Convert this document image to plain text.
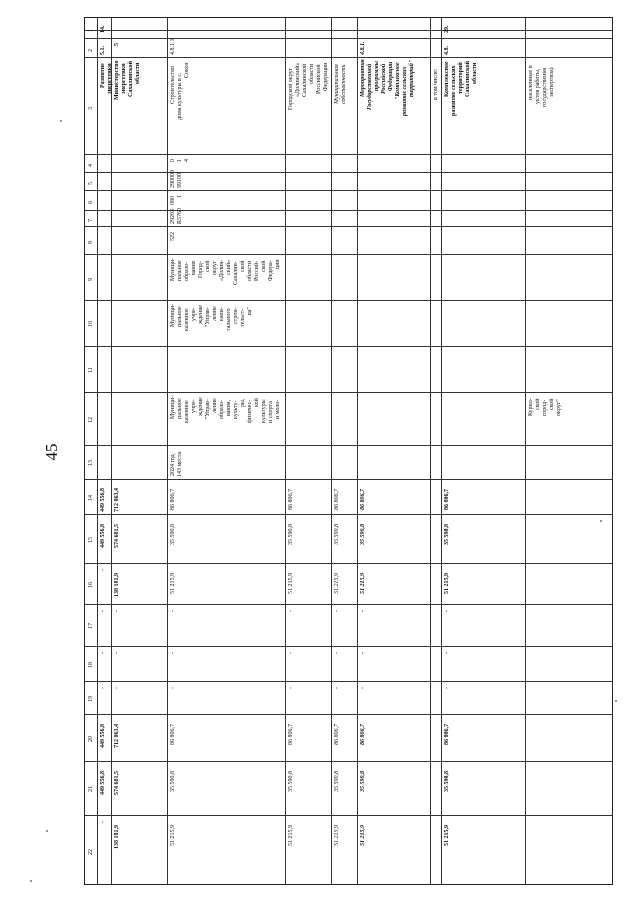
45
1
2
3
4
5
6
7
8
9
10
11
12
13
14
15
16
17
18
19
20
21
22
14.
5.1.
Развитие энергетики
449 556,8
449 556,8
-
-
-
-
449 556,8
449 556,8
-
5
Министерство энергетики Сахалинской области
712 863,4
574 681,5
138 181,9
-
-
-
712 863,4
574 681,5
138 181,9
4.8.1.1
Строительство дома культуры в с.
Сокол
0 1 4
290008 99100
080 1
29203 R5760
522
Муници- пальное образо- вание Город- ской округ «Долин- ский» Сахалин- ской области Россий- ской Федера- ции
Муници- пальное казенное учре- ждение "Управ- ление капи- тального строи- тельст- ва"
Муници- пальное казенное учре- ждение "Управ- ление образо- вания, культу- ры, физичес- кой культуры и спорта и моло-
2024 год 143 места
86 806,7
35 590,8
51 215,9
-
-
-
86 806,7
35 590,8
51 215,9
Городской округ «Долинский» Сахалинской области Российской Федерации
86 806,7
35 590,8
51 215,9
-
-
-
86 806,7
35 590,8
51 215,9
Муниципальная собственность
86 806,7
35 590,8
51 215,9
-
-
-
86 806,7
35 590,8
51 215,9
4.8.1.
Мероприятия Государственной программы Российской Федерации "Комплексное развитие сельских территорий"
86 806,7
35 590,8
51 215,9
-
-
-
86 806,7
35 590,8
51 215,9
в том числе:
29.
4.8.
Комплексное развитие сельских территорий Сахалинской области
86 806,7
35 590,8
51 215,9
-
-
-
86 806,7
35 590,8
51 215,9
населенные п уктов работы, государственна экспертиза)
Курил- ской город- ской округ"
